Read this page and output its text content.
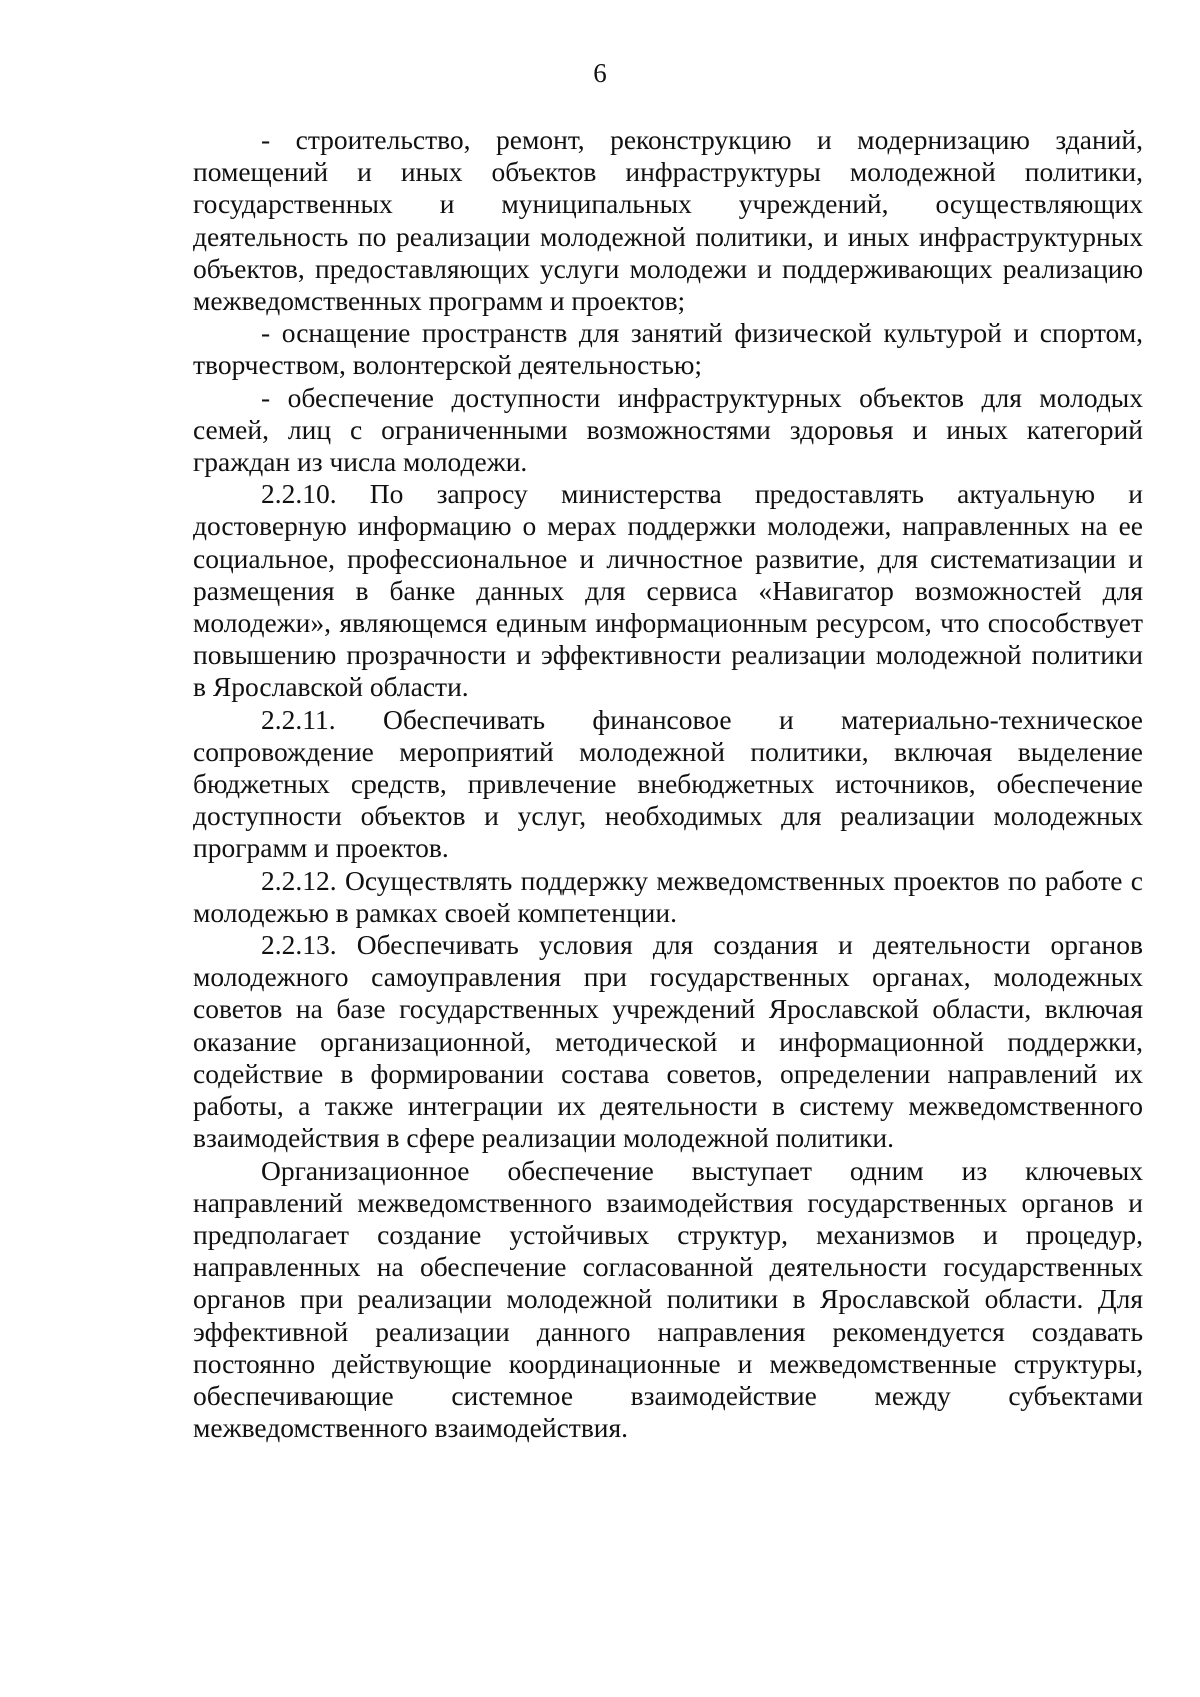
6

- строительство, ремонт, реконструкцию и модернизацию зданий, помещений и иных объектов инфраструктуры молодежной политики, государственных и муниципальных учреждений, осуществляющих деятельность по реализации молодежной политики, и иных инфраструктурных объектов, предоставляющих услуги молодежи и поддерживающих реализацию межведомственных программ и проектов;

- оснащение пространств для занятий физической культурой и спортом, творчеством, волонтерской деятельностью;

- обеспечение доступности инфраструктурных объектов для молодых семей, лиц с ограниченными возможностями здоровья и иных категорий граждан из числа молодежи.

2.2.10. По запросу министерства предоставлять актуальную и достоверную информацию о мерах поддержки молодежи, направленных на ее социальное, профессиональное и личностное развитие, для систематизации и размещения в банке данных для сервиса «Навигатор возможностей для молодежи», являющемся единым информационным ресурсом, что способствует повышению прозрачности и эффективности реализации молодежной политики в Ярославской области.

2.2.11. Обеспечивать финансовое и материально-техническое сопровождение мероприятий молодежной политики, включая выделение бюджетных средств, привлечение внебюджетных источников, обеспечение доступности объектов и услуг, необходимых для реализации молодежных программ и проектов.

2.2.12. Осуществлять поддержку межведомственных проектов по работе с молодежью в рамках своей компетенции.

2.2.13. Обеспечивать условия для создания и деятельности органов молодежного самоуправления при государственных органах, молодежных советов на базе государственных учреждений Ярославской области, включая оказание организационной, методической и информационной поддержки, содействие в формировании состава советов, определении направлений их работы, а также интеграции их деятельности в систему межведомственного взаимодействия в сфере реализации молодежной политики.

Организационное обеспечение выступает одним из ключевых направлений межведомственного взаимодействия государственных органов и предполагает создание устойчивых структур, механизмов и процедур, направленных на обеспечение согласованной деятельности государственных органов при реализации молодежной политики в Ярославской области. Для эффективной реализации данного направления рекомендуется создавать постоянно действующие координационные и межведомственные структуры, обеспечивающие системное взаимодействие между субъектами межведомственного взаимодействия.
